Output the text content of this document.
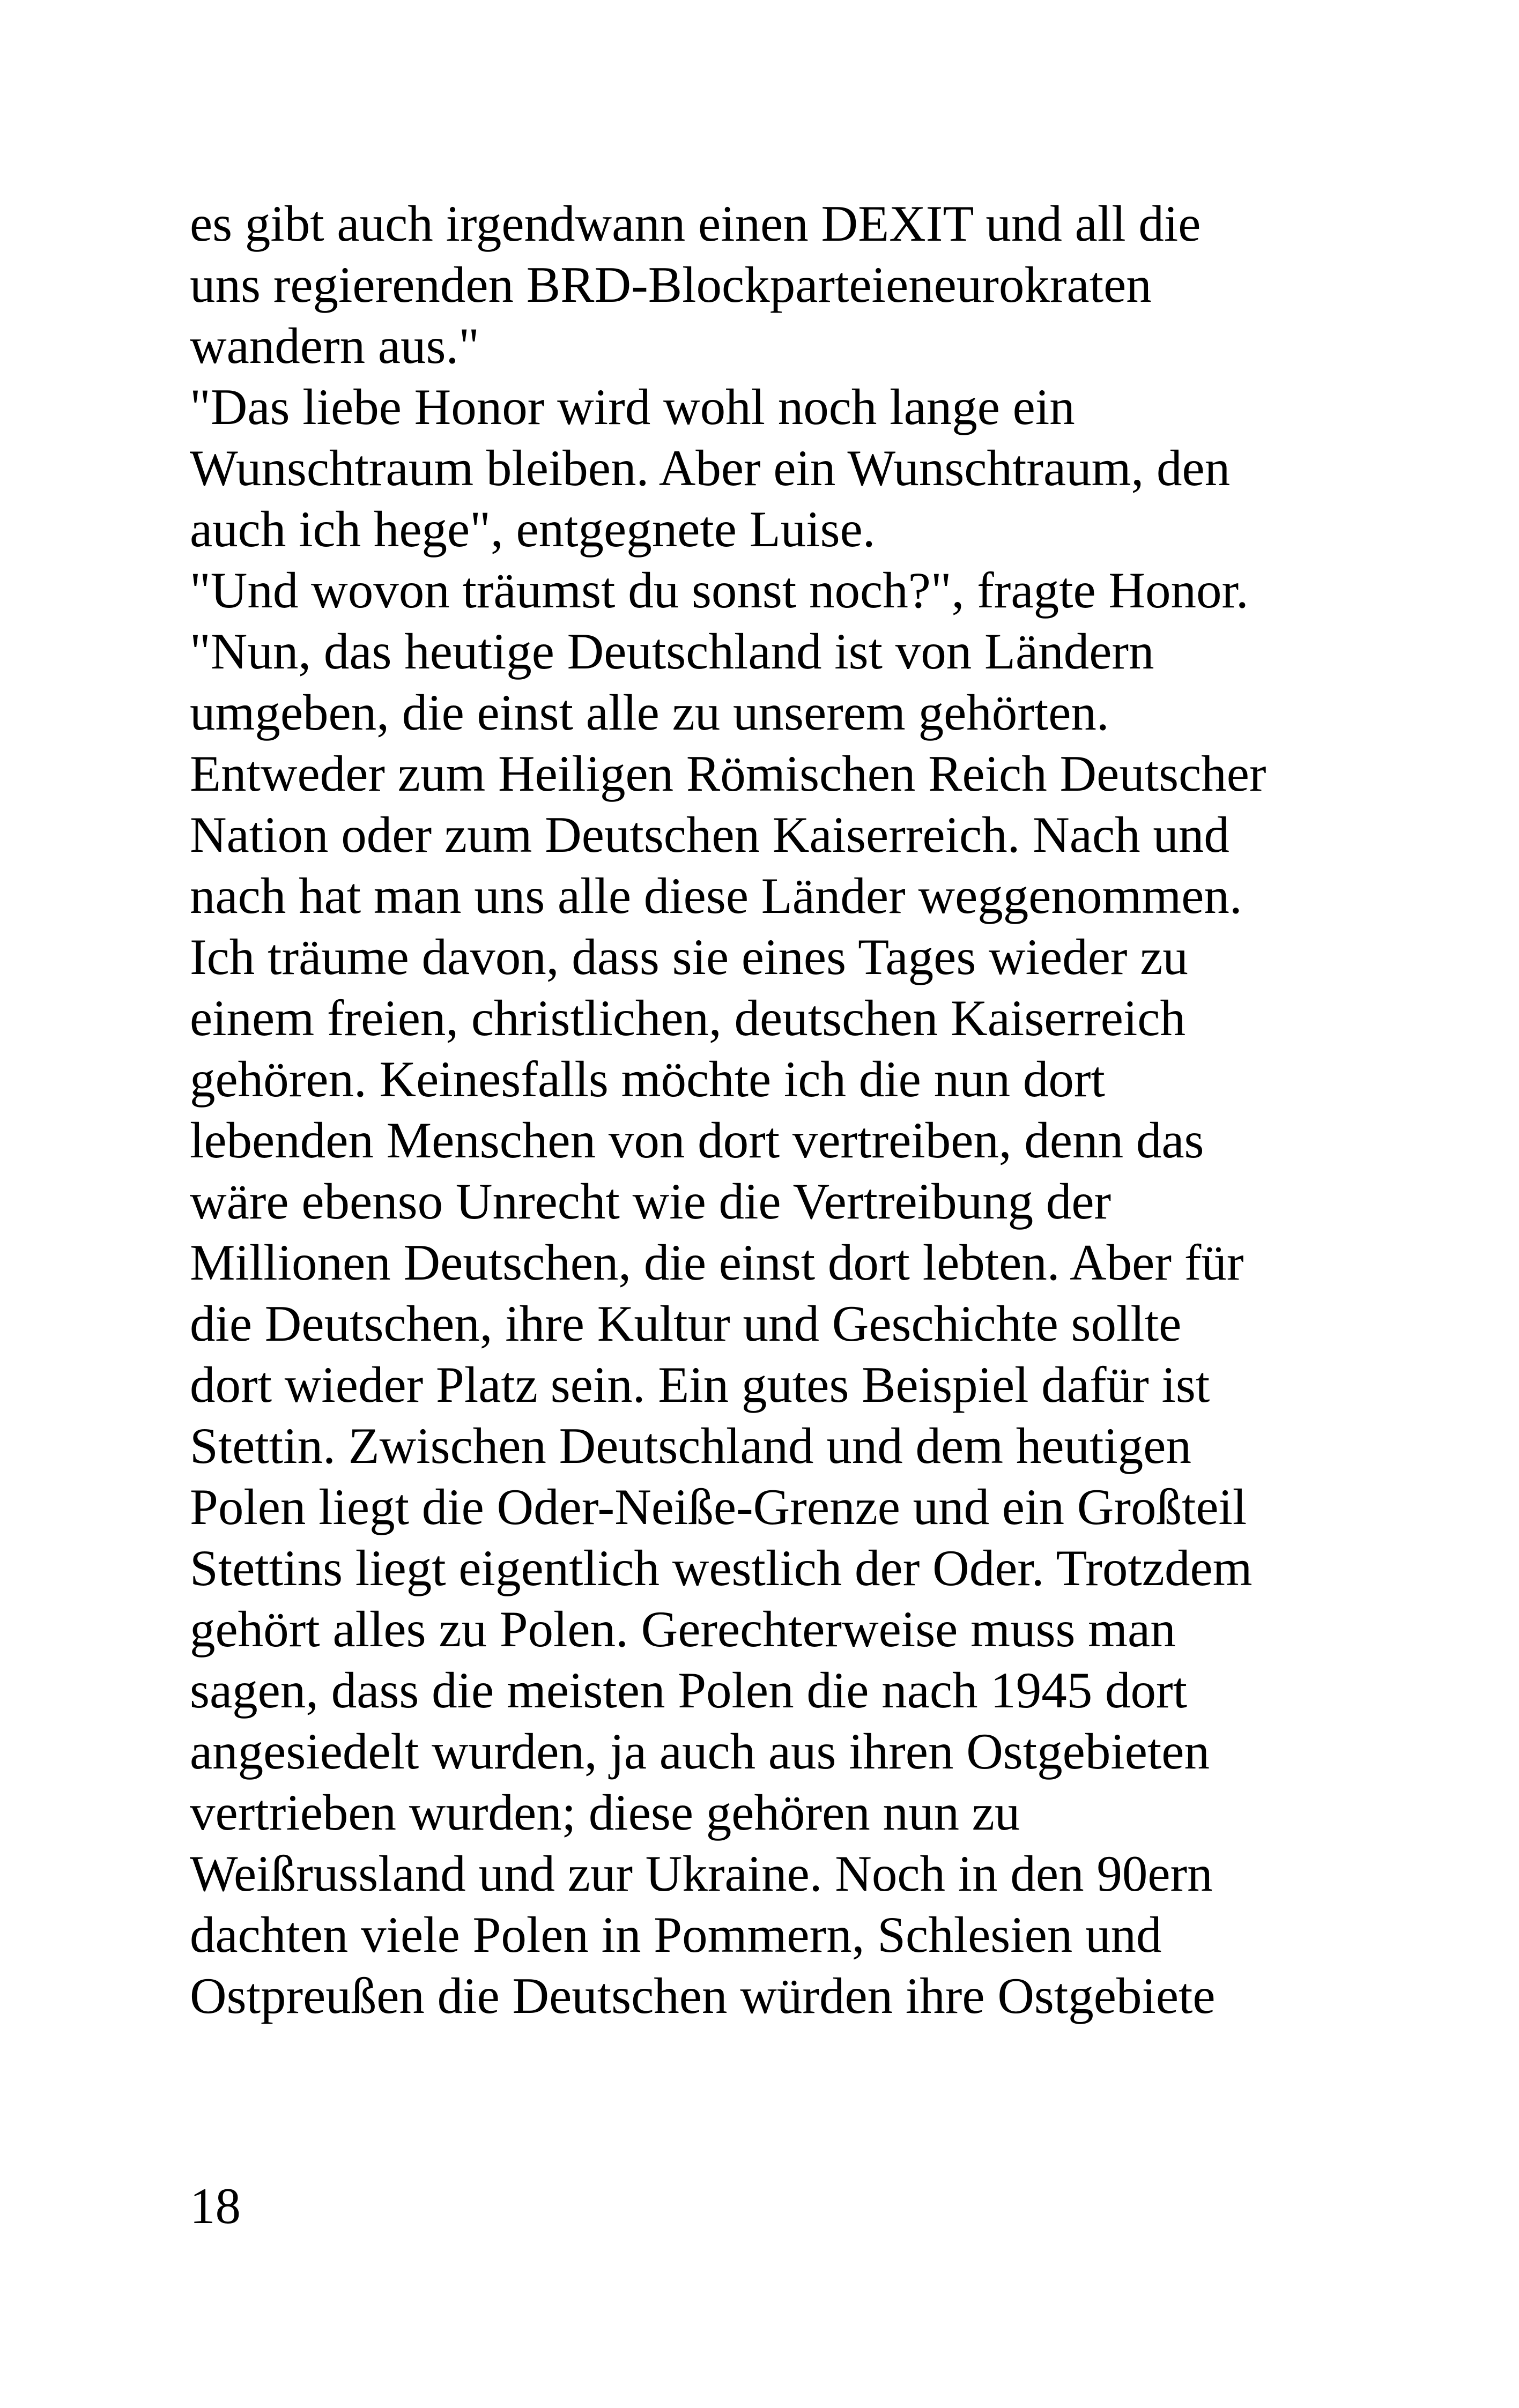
es gibt auch irgendwann einen DEXIT und all die
uns regierenden BRD-Blockparteieneurokraten
wandern aus."
"Das liebe Honor wird wohl noch lange ein
Wunschtraum bleiben. Aber ein Wunschtraum, den
auch ich hege", entgegnete Luise.
"Und wovon träumst du sonst noch?", fragte Honor.
"Nun, das heutige Deutschland ist von Ländern
umgeben, die einst alle zu unserem gehörten.
Entweder zum Heiligen Römischen Reich Deutscher
Nation oder zum Deutschen Kaiserreich. Nach und
nach hat man uns alle diese Länder weggenommen.
Ich träume davon, dass sie eines Tages wieder zu
einem freien, christlichen, deutschen Kaiserreich
gehören. Keinesfalls möchte ich die nun dort
lebenden Menschen von dort vertreiben, denn das
wäre ebenso Unrecht wie die Vertreibung der
Millionen Deutschen, die einst dort lebten. Aber für
die Deutschen, ihre Kultur und Geschichte sollte
dort wieder Platz sein. Ein gutes Beispiel dafür ist
Stettin. Zwischen Deutschland und dem heutigen
Polen liegt die Oder-Neiße-Grenze und ein Großteil
Stettins liegt eigentlich westlich der Oder. Trotzdem
gehört alles zu Polen. Gerechterweise muss man
sagen, dass die meisten Polen die nach 1945 dort
angesiedelt wurden, ja auch aus ihren Ostgebieten
vertrieben wurden; diese gehören nun zu
Weißrussland und zur Ukraine. Noch in den 90ern
dachten viele Polen in Pommern, Schlesien und
Ostpreußen die Deutschen würden ihre Ostgebiete
18
